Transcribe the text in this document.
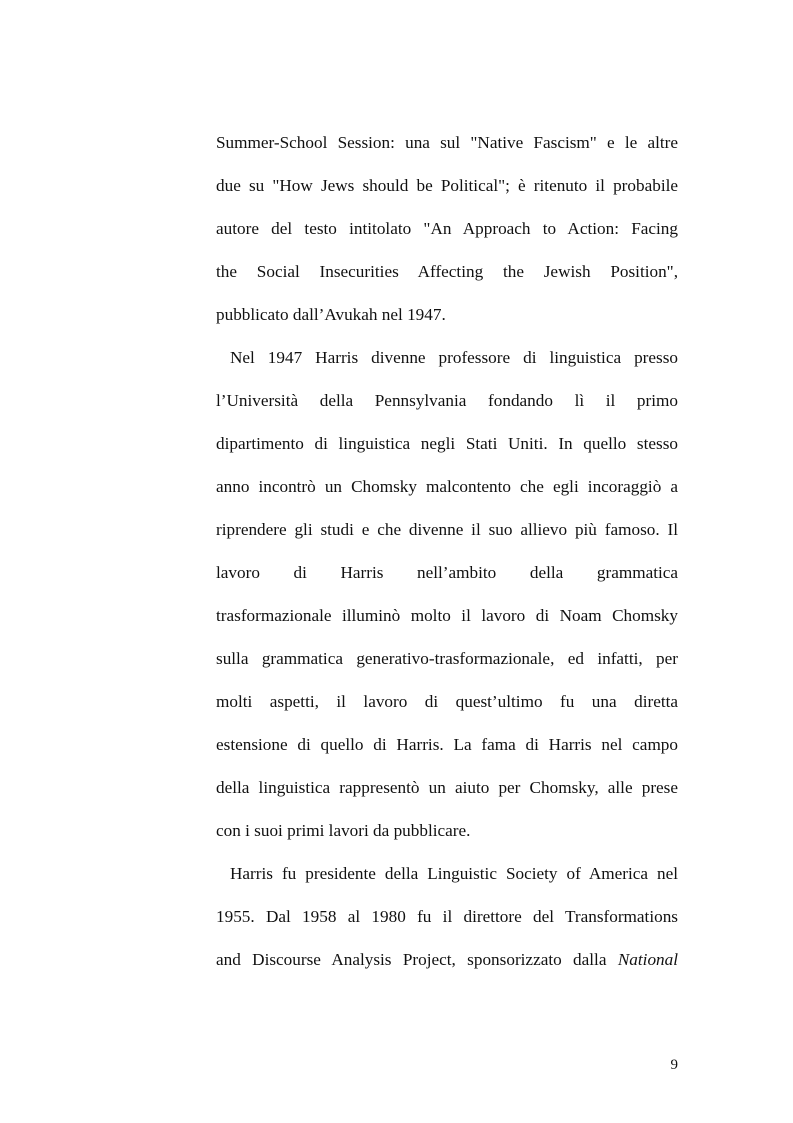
Summer-School Session: una sul "Native Fascism" e le altre
due su "How Jews should be Political"; è ritenuto il probabile
autore del testo intitolato "An Approach to Action: Facing
the Social Insecurities Affecting the Jewish Position",
pubblicato dall’Avukah nel 1947.
Nel 1947 Harris divenne professore di linguistica presso
l’Università della Pennsylvania fondando lì il primo
dipartimento di linguistica negli Stati Uniti. In quello stesso
anno incontrò un Chomsky malcontento che egli incoraggiò a
riprendere gli studi e che divenne il suo allievo più famoso. Il
lavoro di Harris nell’ambito della grammatica
trasformazionale illuminò molto il lavoro di Noam Chomsky
sulla grammatica generativo-trasformazionale, ed infatti, per
molti aspetti, il lavoro di quest’ultimo fu una diretta
estensione di quello di Harris. La fama di Harris nel campo
della linguistica rappresentò un aiuto per Chomsky, alle prese
con i suoi primi lavori da pubblicare.
Harris fu presidente della Linguistic Society of America nel
1955. Dal 1958 al 1980 fu il direttore del Transformations
and Discourse Analysis Project, sponsorizzato dalla National
9
